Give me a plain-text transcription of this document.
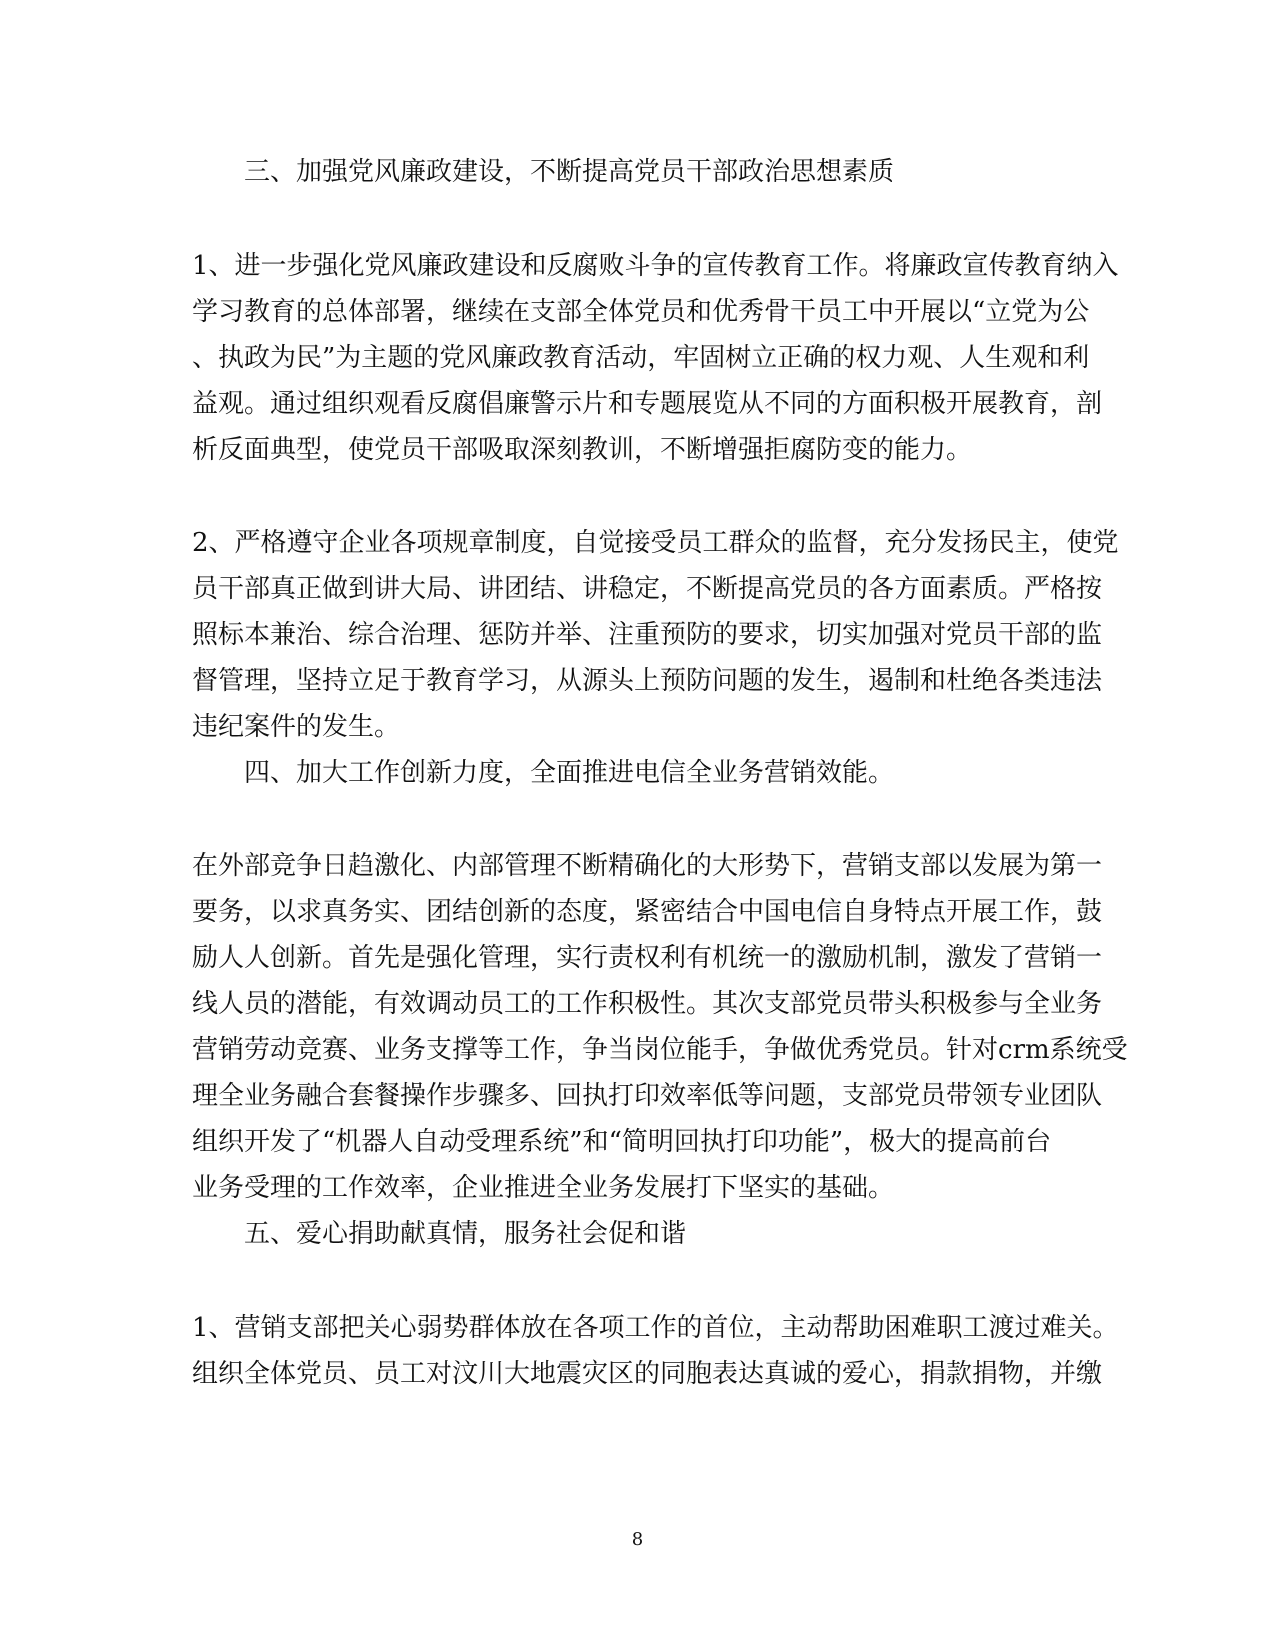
三、加强党风廉政建设，不断提高党员干部政治思想素质
1、进一步强化党风廉政建设和反腐败斗争的宣传教育工作。将廉政宣传教育纳入
学习教育的总体部署，继续在支部全体党员和优秀骨干员工中开展以“立党为公
、执政为民”为主题的党风廉政教育活动，牢固树立正确的权力观、人生观和利
益观。通过组织观看反腐倡廉警示片和专题展览从不同的方面积极开展教育，剖
析反面典型，使党员干部吸取深刻教训，不断增强拒腐防变的能力。
2、严格遵守企业各项规章制度，自觉接受员工群众的监督，充分发扬民主，使党
员干部真正做到讲大局、讲团结、讲稳定，不断提高党员的各方面素质。严格按
照标本兼治、综合治理、惩防并举、注重预防的要求，切实加强对党员干部的监
督管理，坚持立足于教育学习，从源头上预防问题的发生，遏制和杜绝各类违法
违纪案件的发生。
四、加大工作创新力度，全面推进电信全业务营销效能。
在外部竞争日趋激化、内部管理不断精确化的大形势下，营销支部以发展为第一
要务，以求真务实、团结创新的态度，紧密结合中国电信自身特点开展工作，鼓
励人人创新。首先是强化管理，实行责权利有机统一的激励机制，激发了营销一
线人员的潜能，有效调动员工的工作积极性。其次支部党员带头积极参与全业务
营销劳动竞赛、业务支撑等工作，争当岗位能手，争做优秀党员。针对crm系统受
理全业务融合套餐操作步骤多、回执打印效率低等问题，支部党员带领专业团队
组织开发了“机器人自动受理系统”和“简明回执打印功能”，极大的提高前台
业务受理的工作效率，企业推进全业务发展打下坚实的基础。
五、爱心捐助献真情，服务社会促和谐
1、营销支部把关心弱势群体放在各项工作的首位，主动帮助困难职工渡过难关。
组织全体党员、员工对汶川大地震灾区的同胞表达真诚的爱心，捐款捐物，并缴
8
